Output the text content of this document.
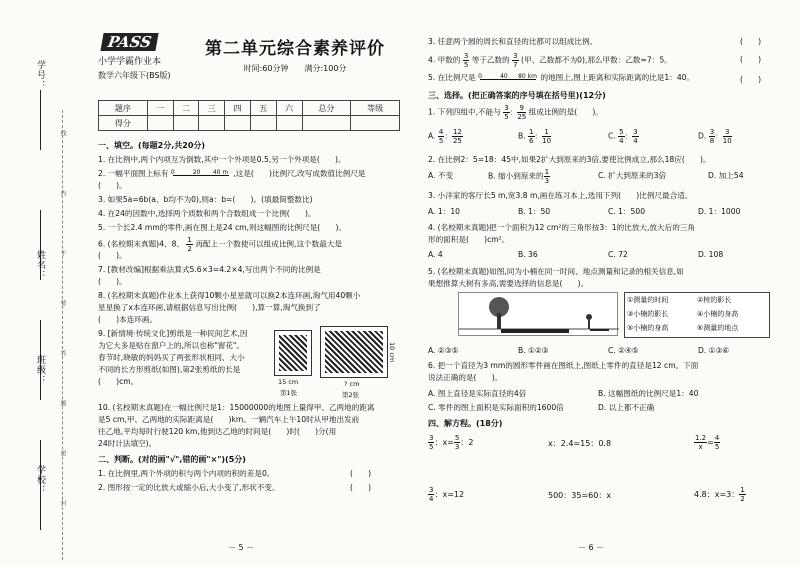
学号：
姓名：
班级：
学校：
线
内
不
要
答
题
密
封
PASS
小学学霸作业本
数学六年级下(BS版)
第二单元综合素养评价
时间:60分钟　　满分:100分
题序	一	二	三	四	五	六	总分	等级
得分								
一、填空。(每题2分,共20分)
1. 在比例中,两个内项互为倒数,其中一个外项是0.5,另一个外项是(　　)。
2. 一幅平面图上标有 0	20 40 m ,这是(　　)比例尺,改写成数值比例尺是
(　　)。
3. 如果5a=6b(a、b均不为0),则a：b=(　　)。(填最简整数比)
4. 在24的因数中,选择两个质数和两个合数组成一个比例(　　)。
5. 一个长2.4 mm的零件,画在图上是24 cm,则这幅图的比例尺是(　　)。
6. (名校期末真题)4、8、 $\frac{1}{2}$ 再配上一个数使可以组成比例,这个数最大是
(　　)。
7. [教材改编]根据乘法算式5.6×3=4.2×4,写出两个不同的比例是
(　　)。
8. (名校期末真题)作业本上获得10颗小星星就可以换2本连环画,淘气用40颗小
星星换了x本连环画,请根据信息写出比例(　　),算一算,淘气换到了
(　　)本连环画。
9. [新情境·传统文化]剪纸是一种民间艺术,因
为它大多是贴在窗户上的,所以也称"窗花"。
春节时,晓敏的妈妈买了两张形状相同、大小
不同的长方形剪纸(如图),第2张剪纸的长是
(　　)cm。	15 cm
第1张
10 cm
? cm
第2张
10. (名校期末真题)在一幅比例尺是1：15000000的地图上量得甲、乙两地的距离
是5 cm,甲、乙两地的实际距离是(　　)km。一辆汽车上午10时从甲地出发前
往乙地,平均每时行驶120 km,他到达乙地的时间是(　　)时(　　)分(用
24时计法填空)。
二、判断。(对的画"√",错的画"×")(5分)
1. 在比例里,两个外项的积与两个内项的积的差是0。	(　　)
2. 图形按一定的比放大或缩小后,大小变了,形状不变。	(　　)
－ 5 －
3. 任意两个圆的周长和直径的比都可以组成比例。	(　　)
4. 甲数的 $\frac{3}{5}$ 等于乙数的 $\frac{3}{7}$ (甲、乙数都不为0),那么甲数：乙数=7：5。	(　　)
5. 在比例尺是 0	40 80 km 的地图上,图上距离和实际距离的比是1：40。	(　　)
三、选择。(把正确答案的序号填在括号里)(12分)
1. 下列四组中,不能与 $\frac{3}{5}$ ： $\frac{9}{25}$ 组成比例的是(　　)。
A. $\frac{4}{5}$ ： $\frac{12}{25}$	B. $\frac{1}{6}$ ： $\frac{1}{10}$	C. $\frac{5}{4}$ ： $\frac{3}{4}$	D. $\frac{3}{8}$ ： $\frac{3}{10}$
2. 在比例2：5=18：45中,如果2扩大到原来的3倍,要使比例成立,那么18应(　　)。
A. 不变	B. 缩小到原来的 $\frac{1}{3}$	C. 扩大到原来的3倍	D. 加上54
3. 小洋家的客厅长5 m,宽3.8 m,画在练习本上,选用下列(　　)比例尺最合适。
A. 1：10	B. 1：50	C. 1：500	D. 1：1000
4. (名校期末真题)把一个面积为12 cm²的三角形按3：1的比放大,放大后的三角
形的面积是(　　)cm²。
A. 4	B. 36	C. 72	D. 108
5. (名校期末真题)如图,同为小楠在同一时间、地点测量和记录的相关信息,如
果想推算大树有多高,需要选择的信息是(　　)。
①测量的时间	②树的影长
③小楠的影长	④小楠的身高
⑤小楠的身高	⑥测量的地点
A. ②③⑤	B. ①②③	C. ②④⑤	D. ①③⑥
6. 把一个直径为3 mm的圆形零件画在图纸上,图纸上零件的直径是12 cm。下面
说法正确的是(　　)。
A. 图上直径是实际直径的4倍	B. 这幅图纸的比例尺是1：40
C. 零件的图上面积是实际面积的1600倍	D. 以上都不正确
四、解方程。(18分)
$\frac{3}{5}$ ：$x= \frac{5}{3}$ ：2	x：2.4=15：0.8	$\frac{1.2}{x} = \frac{4}{5}$
$\frac{3}{4}$ ：x=12	500：35=60：x	4.8：x=3： $\frac{1}{2}$
－ 6 －
